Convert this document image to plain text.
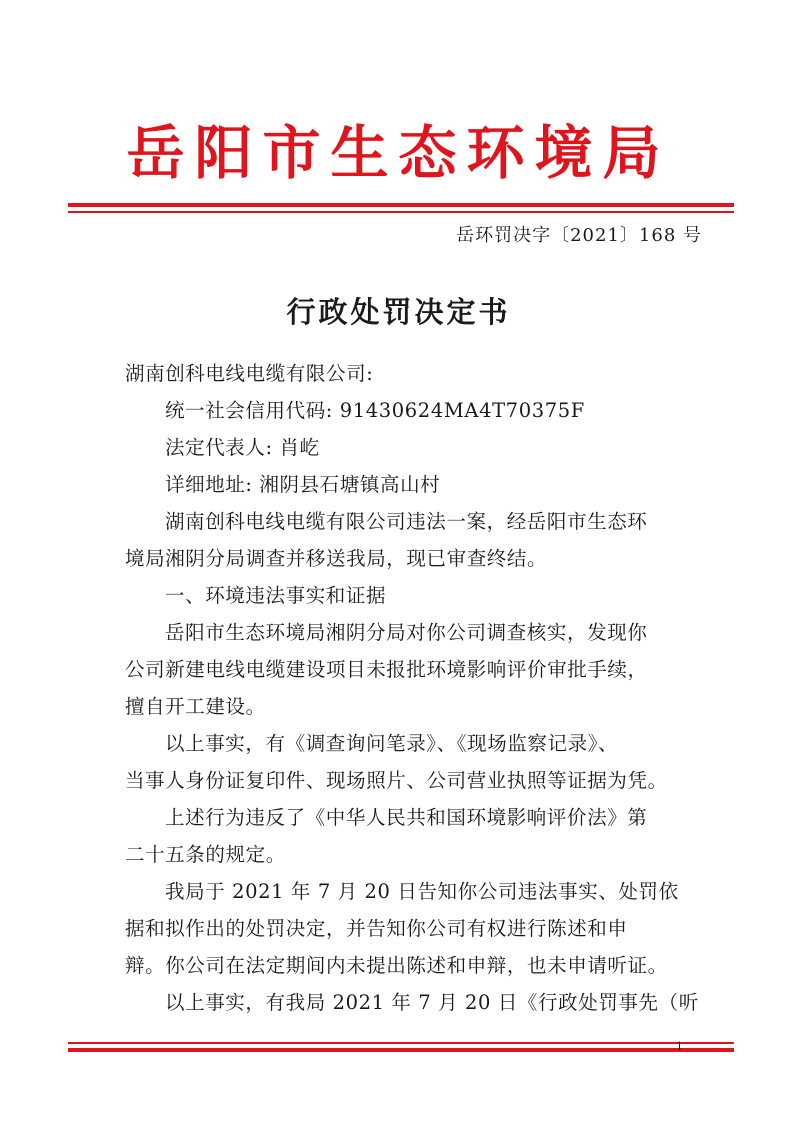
岳阳市生态环境局
岳环罚决字〔2021〕168 号
行政处罚决定书
湖南创科电线电缆有限公司:
统一社会信用代码: 91430624MA4T70375F
法定代表人: 肖屹
详细地址: 湘阴县石塘镇高山村
湖南创科电线电缆有限公司违法一案，经岳阳市生态环
境局湘阴分局调查并移送我局，现已审查终结。
一、环境违法事实和证据
岳阳市生态环境局湘阴分局对你公司调查核实，发现你
公司新建电线电缆建设项目未报批环境影响评价审批手续，
擅自开工建设。
以上事实，有《调查询问笔录》、《现场监察记录》、
当事人身份证复印件、现场照片、公司营业执照等证据为凭。
上述行为违反了《中华人民共和国环境影响评价法》第
二十五条的规定。
我局于 2021 年 7 月 20 日告知你公司违法事实、处罚依
据和拟作出的处罚决定，并告知你公司有权进行陈述和申
辩。你公司在法定期间内未提出陈述和申辩，也未申请听证。
以上事实，有我局 2021 年 7 月 20 日《行政处罚事先（听
1
